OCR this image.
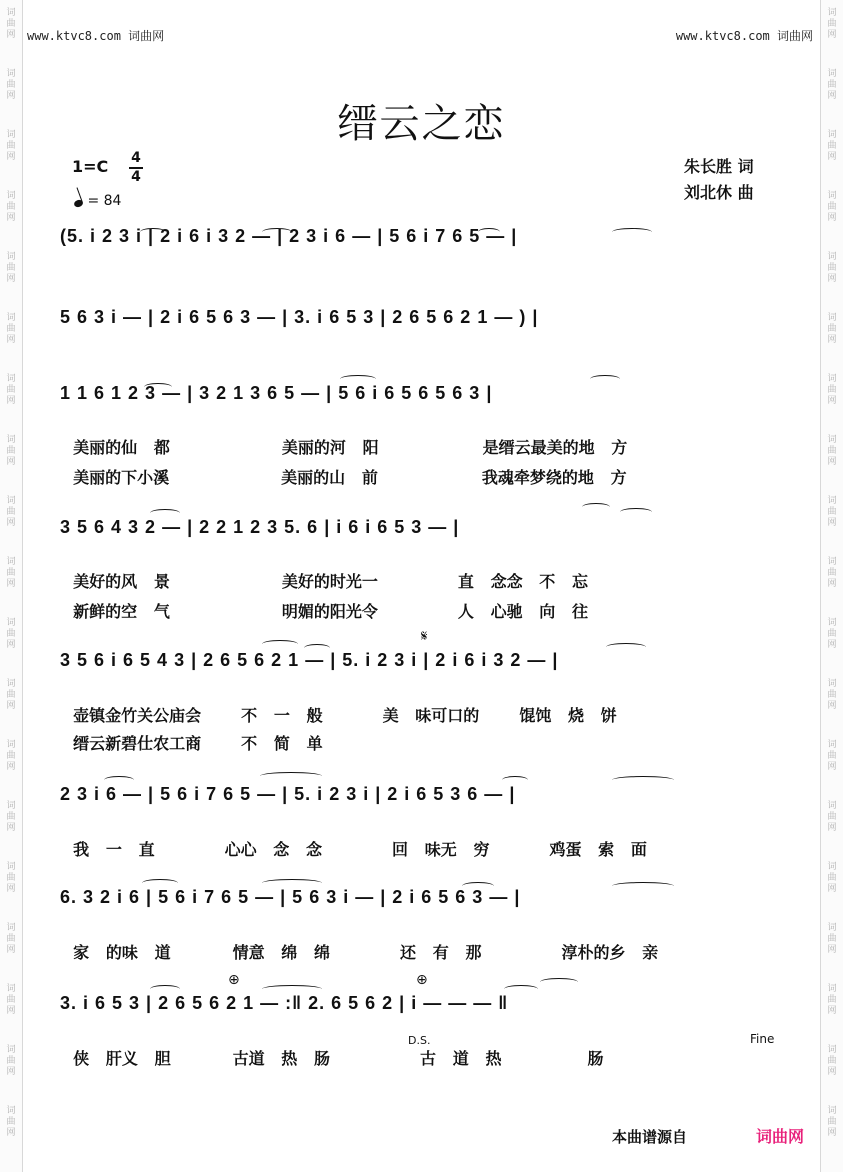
词
曲
网
词
曲
网
词
曲
网
词
曲
网
词
曲
网
词
曲
网
词
曲
网
词
曲
网
词
曲
网
词
曲
网
词
曲
网
词
曲
网
词
曲
网
词
曲
网
词
曲
网
词
曲
网
词
曲
网
词
曲
网
词
曲
网
词
曲
网
词
曲
网
词
曲
网
词
曲
网
词
曲
网
词
曲
网
词
曲
网
词
曲
网
词
曲
网
词
曲
网
词
曲
网
词
曲
网
词
曲
网
词
曲
网
词
曲
网
词
曲
网
词
曲
网
词
曲
网
词
曲
网
www.ktvc8.com 词曲网	www.ktvc8.com 词曲网
缙云之恋
1=C 4
4
= 84
朱长胜 词
刘北休 曲
(5. i 2 3 i | 2 i 6 i 3 2 — | 2 3 i 6 — | 5 6 i 7 6 5 — |
5 6 3 i — | 2 i 6 5 6 3 — | 3. i 6 5 3 | 2 6 5 6 2 1 — ) |
1 1 6 1 2 3 — | 3 2 1 3 6 5 — | 5 6 i 6 5 6 5 6 3 |

美丽的仙   都	美丽的河   阳	是缙云最美的地   方

美丽的下小溪	美丽的山   前	我魂牵梦绕的地   方

3 5 6 4 3 2 — | 2 2 1 2 3 5. 6 | i 6 i 6 5 3 — |

美好的风   景	美好的时光一	直   念念   不   忘

新鲜的空   气	明媚的阳光令	人   心驰   向   往

𝄋
3 5 6 i 6 5 4 3 | 2 6 5 6 2 1 — | 5. i 2 3 i | 2 i 6 i 3 2 — |

壶镇金竹关公庙会	不   一   般	美   味可口的	馄饨   烧   饼

缙云新碧仕农工商	不   简   单

2 3 i 6 — | 5 6 i 7 6 5 — | 5. i 2 3 i | 2 i 6 5 3 6 — |

我   一   直	心心   念   念	回   味无   穷	鸡蛋   索   面

6. 3 2 i 6 | 5 6 i 7 6 5 — | 5 6 3 i — | 2 i 6 5 6 3 — |

家   的味   道	情意   绵   绵	还   有   那	淳朴的乡   亲

⊕	⊕
3. i 6 5 3 | 2 6 5 6 2 1 — :‖ 2. 6 5 6 2 | i — — — ‖

侠   肝义   胆	古道   热   肠	古   道   热	肠

D.S.	Fine
本曲谱源自	词曲网
